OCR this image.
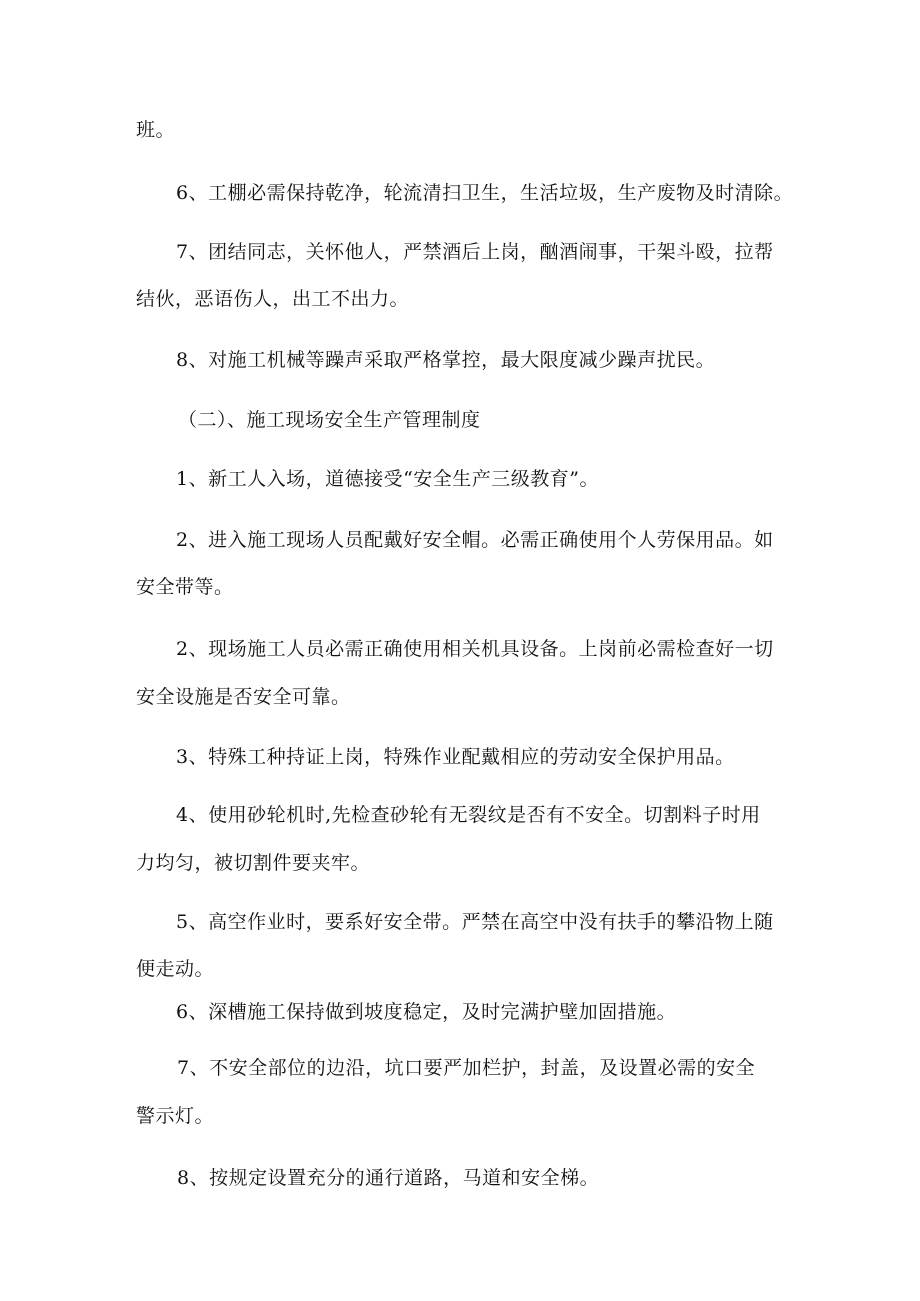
班。
6、工棚必需保持乾净，轮流清扫卫生，生活垃圾，生产废物及时清除。
7、团结同志，关怀他人，严禁酒后上岗，酗酒闹事，干架斗殴，拉帮
结伙，恶语伤人，出工不出力。
8、对施工机械等躁声采取严格掌控，最大限度减少躁声扰民。
（二）、施工现场安全生产管理制度
1、新工人入场，道德接受“安全生产三级教育”。
2、进入施工现场人员配戴好安全帽。必需正确使用个人劳保用品。如
安全带等。
2、现场施工人员必需正确使用相关机具设备。上岗前必需检查好一切
安全设施是否安全可靠。
3、特殊工种持证上岗，特殊作业配戴相应的劳动安全保护用品。
4、使用砂轮机时,先检查砂轮有无裂纹是否有不安全。切割料子时用
力均匀，被切割件要夹牢。
5、高空作业时，要系好安全带。严禁在高空中没有扶手的攀沿物上随
便走动。
6、深槽施工保持做到坡度稳定，及时完满护壁加固措施。
7、不安全部位的边沿，坑口要严加栏护，封盖，及设置必需的安全
警示灯。
8、按规定设置充分的通行道路，马道和安全梯。
